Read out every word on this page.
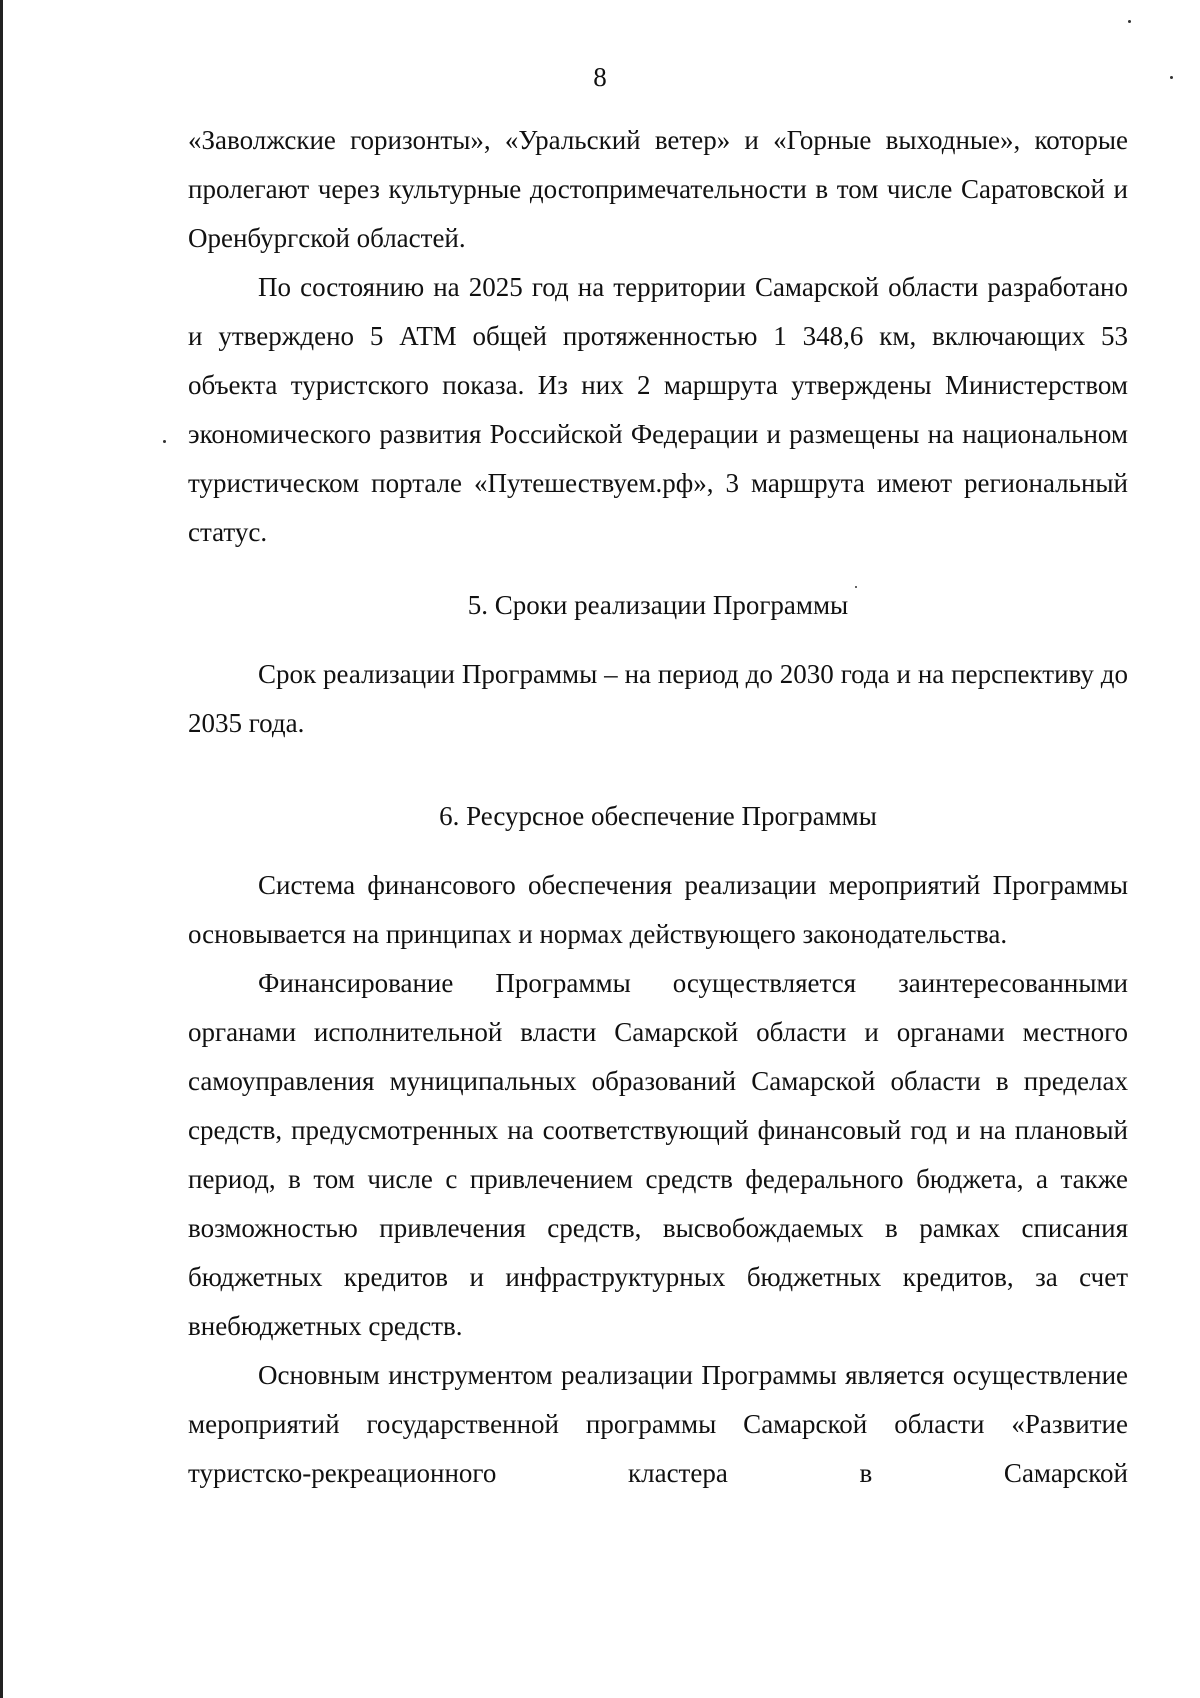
8

«Заволжские горизонты», «Уральский ветер» и «Горные выходные», которые пролегают через культурные достопримечательности в том числе Саратовской и Оренбургской областей.

По состоянию на 2025 год на территории Самарской области разработано и утверждено 5 АТМ общей протяженностью 1 348,6 км, включающих 53 объекта туристского показа. Из них 2 маршрута утверждены Министерством экономического развития Российской Федерации и размещены на национальном туристическом портале «Путешествуем.рф», 3 маршрута имеют региональный статус.

5. Сроки реализации Программы

Срок реализации Программы – на период до 2030 года и на перспективу до 2035 года.

6. Ресурсное обеспечение Программы

Система финансового обеспечения реализации мероприятий Программы основывается на принципах и нормах действующего законодательства.

Финансирование Программы осуществляется заинтересованными органами исполнительной власти Самарской области и органами местного самоуправления муниципальных образований Самарской области в пределах средств, предусмотренных на соответствующий финансовый год и на плановый период, в том числе с привлечением средств федерального бюджета, а также возможностью привлечения средств, высвобождаемых в рамках списания бюджетных кредитов и инфраструктурных бюджетных кредитов, за счет внебюджетных средств.

Основным инструментом реализации Программы является осуществление мероприятий государственной программы Самарской области «Развитие туристско-рекреационного кластера в Самарской
